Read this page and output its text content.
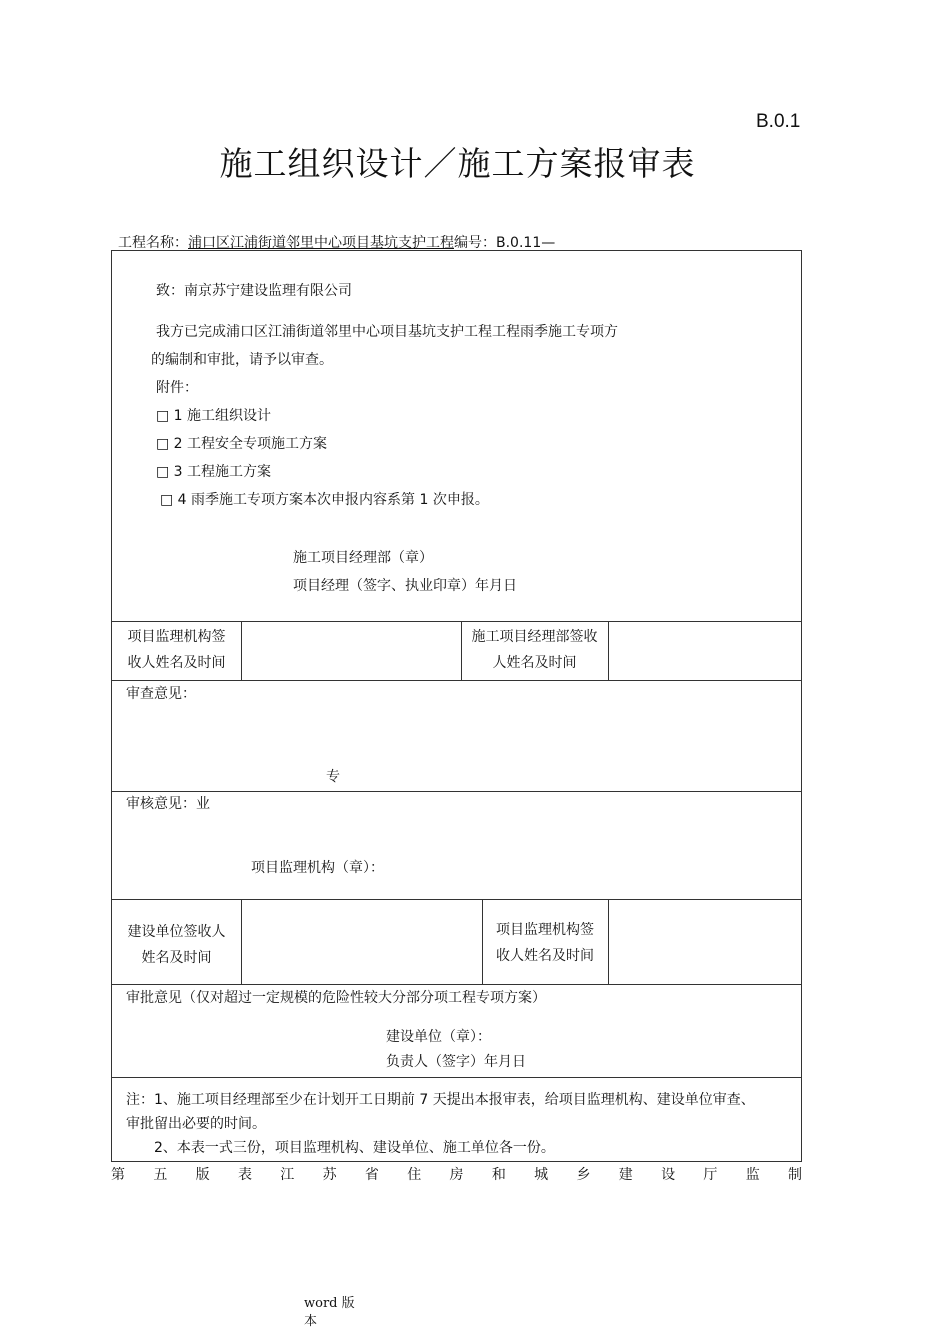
B.0.1
施工组织设计／施工方案报审表
工程名称：浦口区江浦街道邻里中心项目基坑支护工程编号：B.0.11—
致：南京苏宁建设监理有限公司
我方已完成浦口区江浦街道邻里中心项目基坑支护工程工程雨季施工专项方
的编制和审批，请予以审查。
附件：
□ 1 施工组织设计
□ 2 工程安全专项施工方案
□ 3 工程施工方案
□ 4 雨季施工专项方案本次申报内容系第 1 次申报。
施工项目经理部（章）
项目经理（签字、执业印章）年月日
项目监理机构签
收人姓名及时间
施工项目经理部签收
人姓名及时间
审查意见：
专
审核意见：业
项目监理机构（章）：
建设单位签收人
姓名及时间
项目监理机构签
收人姓名及时间
审批意见（仅对超过一定规模的危险性较大分部分项工程专项方案）
建设单位（章）：
负责人（签字）年月日
注：1、施工项目经理部至少在计划开工日期前 7 天提出本报审表，给项目监理机构、建设单位审查、
审批留出必要的时间。
2、本表一式三份，项目监理机构、建设单位、施工单位各一份。
第 五 版 表 江 苏 省 住 房 和 城 乡 建 设 厅 监 制
word 版
本
